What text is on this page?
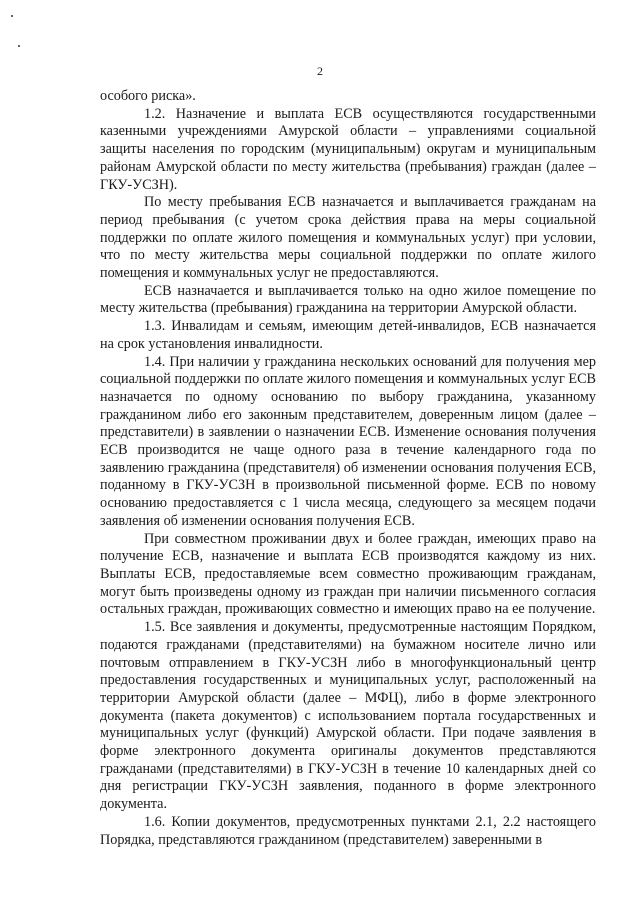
2

особого риска».

1.2. Назначение и выплата ЕСВ осуществляются государственными казенными учреждениями Амурской области – управлениями социальной защиты населения по городским (муниципальным) округам и муниципальным районам Амурской области по месту жительства (пребывания) граждан (далее – ГКУ-УСЗН).

По месту пребывания ЕСВ назначается и выплачивается гражданам на период пребывания (с учетом срока действия права на меры социальной поддержки по оплате жилого помещения и коммунальных услуг) при условии, что по месту жительства меры социальной поддержки по оплате жилого помещения и коммунальных услуг не предоставляются.

ЕСВ назначается и выплачивается только на одно жилое помещение по месту жительства (пребывания) гражданина на территории Амурской области.

1.3. Инвалидам и семьям, имеющим детей-инвалидов, ЕСВ назначается на срок установления инвалидности.

1.4. При наличии у гражданина нескольких оснований для получения мер социальной поддержки по оплате жилого помещения и коммунальных услуг ЕСВ назначается по одному основанию по выбору гражданина, указанному гражданином либо его законным представителем, доверенным лицом (далее – представители) в заявлении о назначении ЕСВ. Изменение основания получения ЕСВ производится не чаще одного раза в течение календарного года по заявлению гражданина (представителя) об изменении основания получения ЕСВ, поданному в ГКУ-УСЗН в произвольной письменной форме. ЕСВ по новому основанию предоставляется с 1 числа месяца, следующего за месяцем подачи заявления об изменении основания получения ЕСВ.

При совместном проживании двух и более граждан, имеющих право на получение ЕСВ, назначение и выплата ЕСВ производятся каждому из них. Выплаты ЕСВ, предоставляемые всем совместно проживающим гражданам, могут быть произведены одному из граждан при наличии письменного согласия остальных граждан, проживающих совместно и имеющих право на ее получение.

1.5. Все заявления и документы, предусмотренные настоящим Порядком, подаются гражданами (представителями) на бумажном носителе лично или почтовым отправлением в ГКУ-УСЗН либо в многофункциональный центр предоставления государственных и муниципальных услуг, расположенный на территории Амурской области (далее – МФЦ), либо в форме электронного документа (пакета документов) с использованием портала государственных и муниципальных услуг (функций) Амурской области. При подаче заявления в форме электронного документа оригиналы документов представляются гражданами (представителями) в ГКУ-УСЗН в течение 10 календарных дней со дня регистрации ГКУ-УСЗН заявления, поданного в форме электронного документа.

1.6. Копии документов, предусмотренных пунктами 2.1, 2.2 настоящего Порядка, представляются гражданином (представителем) заверенными в
